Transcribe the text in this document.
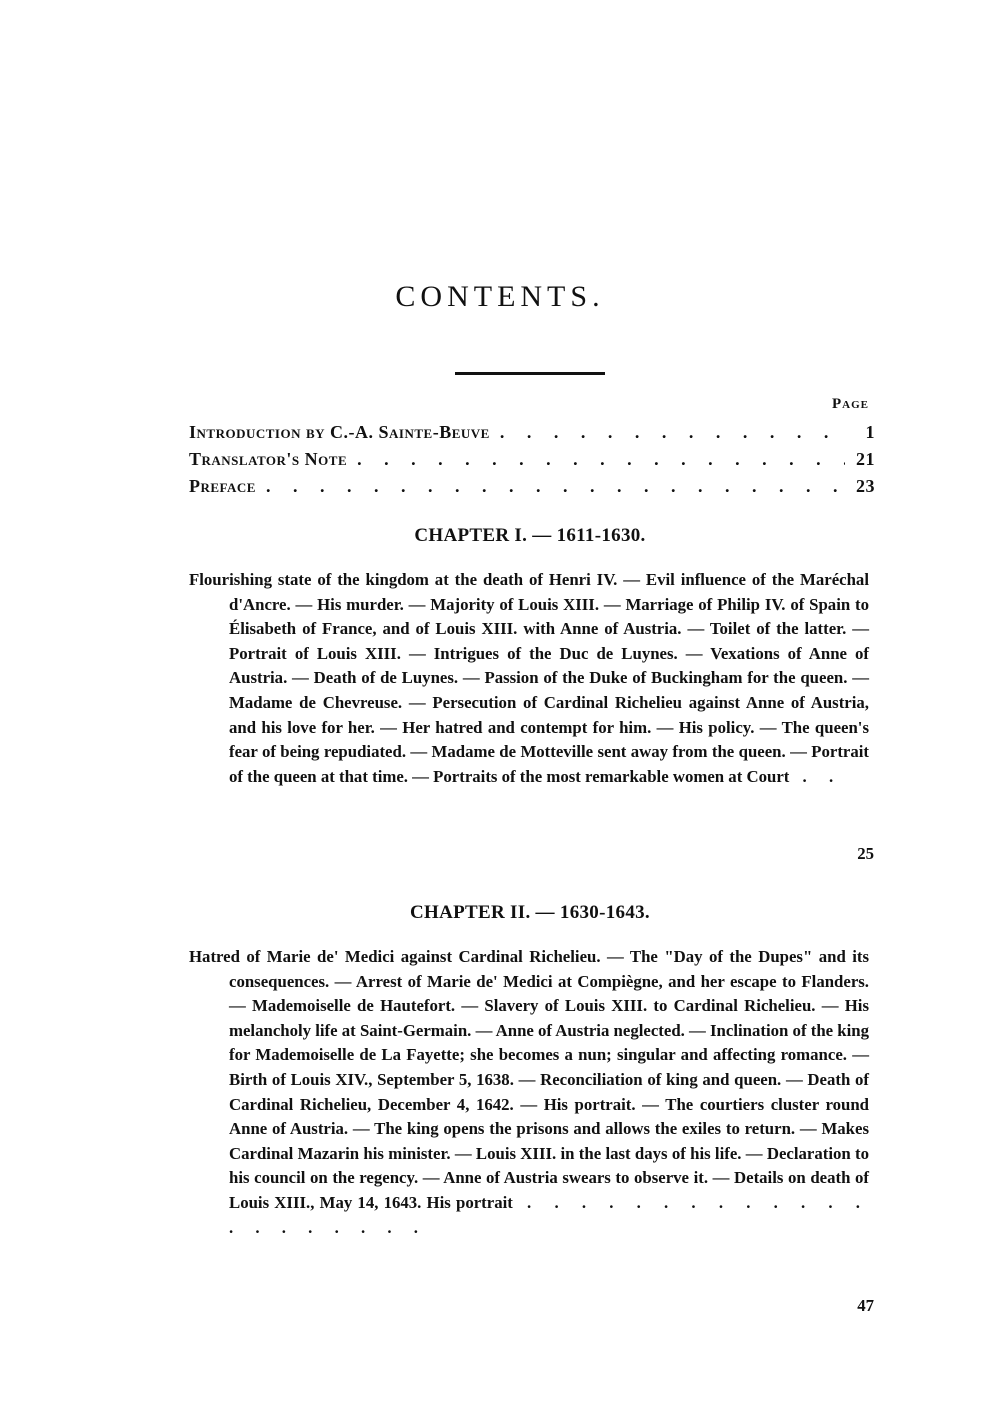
CONTENTS.
Page
Introduction by C.-A. Sainte-Beuve . . .	1
Translator's Note . . .	21
Preface . . .	23
CHAPTER I. — 1611-1630.
Flourishing state of the kingdom at the death of Henri IV. — Evil influence of the Maréchal d'Ancre. — His murder. — Majority of Louis XIII. — Marriage of Philip IV. of Spain to Élisabeth of France, and of Louis XIII. with Anne of Austria. — Toilet of the latter. — Portrait of Louis XIII. — Intrigues of the Duc de Luynes. — Vexations of Anne of Austria. — Death of de Luynes. — Passion of the Duke of Buckingham for the queen. — Madame de Chevreuse. — Persecution of Cardinal Richelieu against Anne of Austria, and his love for her. — Her hatred and contempt for him. — His policy. — The queen's fear of being repudiated. — Madame de Motteville sent away from the queen. — Portrait of the queen at that time. — Portraits of the most remarkable women at Court . .
25
CHAPTER II. — 1630-1643.
Hatred of Marie de' Medici against Cardinal Richelieu. — The "Day of the Dupes" and its consequences. — Arrest of Marie de' Medici at Compiègne, and her escape to Flanders. — Mademoiselle de Hautefort. — Slavery of Louis XIII. to Cardinal Richelieu. — His melancholy life at Saint-Germain. — Anne of Austria neglected. — Inclination of the king for Mademoiselle de La Fayette; she becomes a nun; singular and affecting romance. — Birth of Louis XIV., September 5, 1638. — Reconciliation of king and queen. — Death of Cardinal Richelieu, December 4, 1642. — His portrait. — The courtiers cluster round Anne of Austria. — The king opens the prisons and allows the exiles to return. — Makes Cardinal Mazarin his minister. — Louis XIII. in the last days of his life. — Declaration to his council on the regency. — Anne of Austria swears to observe it. — Details on death of Louis XIII., May 14, 1643. His portrait . . . . . . . . . . . . . . . . . . . . .
47
